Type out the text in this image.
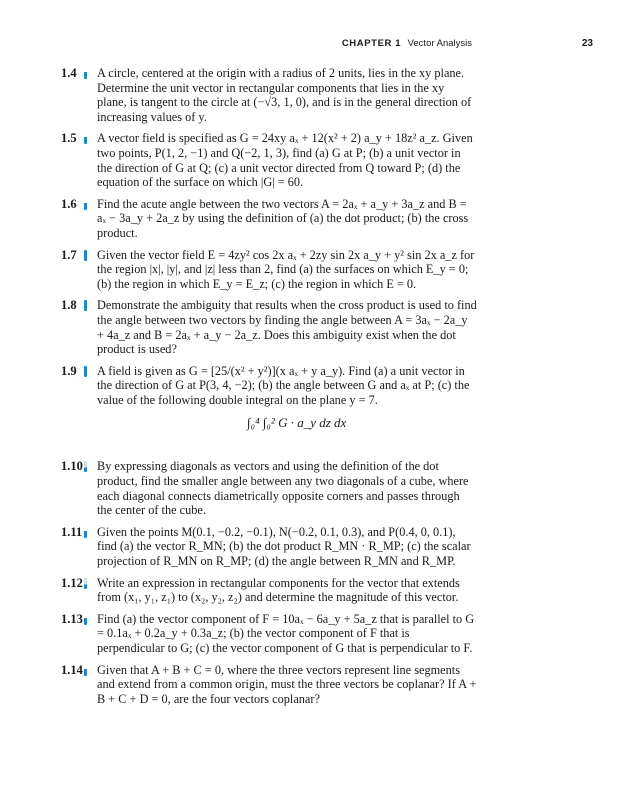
CHAPTER 1 Vector Analysis	23
1.4 A circle, centered at the origin with a radius of 2 units, lies in the xy plane. Determine the unit vector in rectangular components that lies in the xy plane, is tangent to the circle at (−√3, 1, 0), and is in the general direction of increasing values of y.
1.5 A vector field is specified as G = 24xy aₓ + 12(x² + 2) a_y + 18z² a_z. Given two points, P(1, 2, −1) and Q(−2, 1, 3), find (a) G at P; (b) a unit vector in the direction of G at Q; (c) a unit vector directed from Q toward P; (d) the equation of the surface on which |G| = 60.
1.6 Find the acute angle between the two vectors A = 2aₓ + a_y + 3a_z and B = aₓ − 3a_y + 2a_z by using the definition of (a) the dot product; (b) the cross product.
1.7 Given the vector field E = 4zy² cos 2x aₓ + 2zy sin 2x a_y + y² sin 2x a_z for the region |x|, |y|, and |z| less than 2, find (a) the surfaces on which E_y = 0; (b) the region in which E_y = E_z; (c) the region in which E = 0.
1.8 Demonstrate the ambiguity that results when the cross product is used to find the angle between two vectors by finding the angle between A = 3aₓ − 2a_y + 4a_z and B = 2aₓ + a_y − 2a_z. Does this ambiguity exist when the dot product is used?
1.9 A field is given as G = [25/(x² + y²)](x aₓ + y a_y). Find (a) a unit vector in the direction of G at P(3, 4, −2); (b) the angle between G and aₓ at P; (c) the value of the following double integral on the plane y = 7.
∫₀⁴ ∫₀² G · a_y dz dx
1.10 By expressing diagonals as vectors and using the definition of the dot product, find the smaller angle between any two diagonals of a cube, where each diagonal connects diametrically opposite corners and passes through the center of the cube.
1.11 Given the points M(0.1, −0.2, −0.1), N(−0.2, 0.1, 0.3), and P(0.4, 0, 0.1), find (a) the vector R_MN; (b) the dot product R_MN · R_MP; (c) the scalar projection of R_MN on R_MP; (d) the angle between R_MN and R_MP.
1.12 Write an expression in rectangular components for the vector that extends from (x₁, y₁, z₁) to (x₂, y₂, z₂) and determine the magnitude of this vector.
1.13 Find (a) the vector component of F = 10aₓ − 6a_y + 5a_z that is parallel to G = 0.1aₓ + 0.2a_y + 0.3a_z; (b) the vector component of F that is perpendicular to G; (c) the vector component of G that is perpendicular to F.
1.14 Given that A + B + C = 0, where the three vectors represent line segments and extend from a common origin, must the three vectors be coplanar? If A + B + C + D = 0, are the four vectors coplanar?
